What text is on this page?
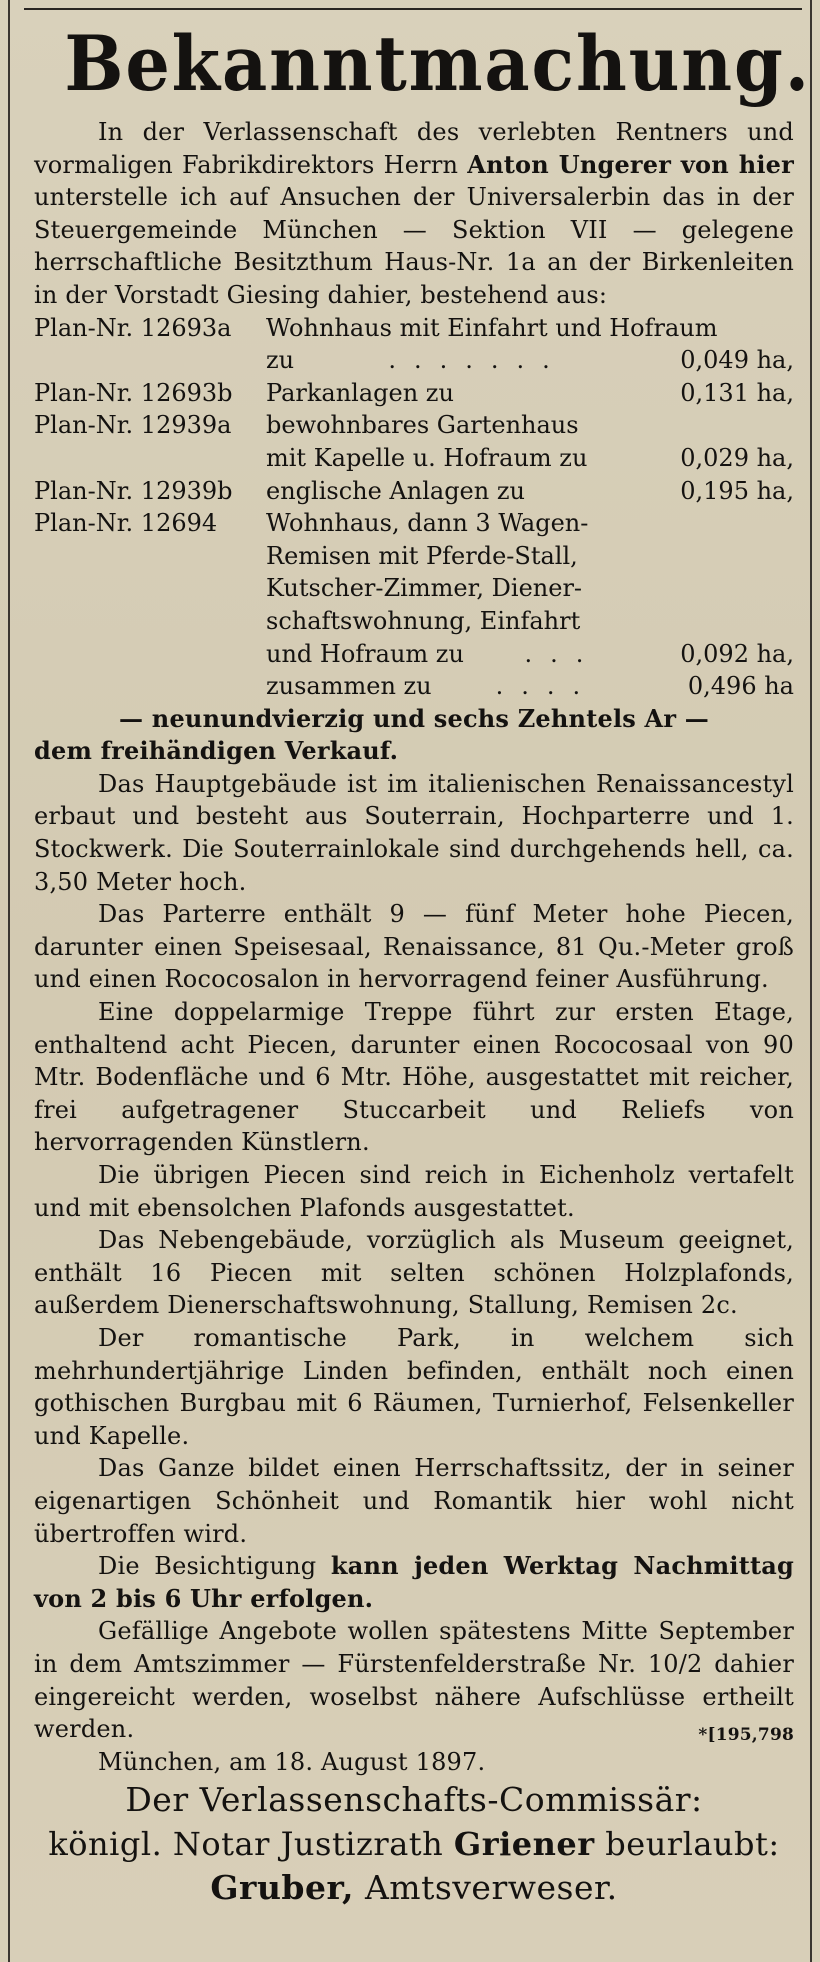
Bekanntmachung.

In der Verlassenschaft des verlebten Rentners und vormaligen Fabrikdirektors Herrn Anton Ungerer von hier unterstelle ich auf Ansuchen der Universalerbin das in der Steuergemeinde München — Sektion VII — gelegene herrschaftliche Besitzthum Haus-Nr. 1a an der Birkenleiten in der Vorstadt Giesing dahier, bestehend aus:

Plan-Nr. 12693a	Wohnhaus mit Einfahrt und Hofraum
zu	.......	0,049 ha,
Plan-Nr. 12693b	Parkanlagen zu	0,131 ha,
Plan-Nr. 12939a	bewohnbares Gartenhaus
mit Kapelle u. Hofraum zu	0,029 ha,
Plan-Nr. 12939b	englische Anlagen zu	0,195 ha,
Plan-Nr. 12694	Wohnhaus, dann 3 Wagen-
Remisen mit Pferde-Stall,
Kutscher-Zimmer, Diener-
schaftswohnung, Einfahrt
und Hofraum zu	...	0,092 ha,
zusammen zu	....	0,496 ha

— neunundvierzig und sechs Zehntels Ar —

dem freihändigen Verkauf.

Das Hauptgebäude ist im italienischen Renaissancestyl erbaut und besteht aus Souterrain, Hochparterre und 1. Stockwerk. Die Souterrainlokale sind durchgehends hell, ca. 3,50 Meter hoch.

Das Parterre enthält 9 — fünf Meter hohe Piecen, darunter einen Speisesaal, Renaissance, 81 Qu.-Meter groß und einen Rococosalon in hervorragend feiner Ausführung.

Eine doppelarmige Treppe führt zur ersten Etage, enthaltend acht Piecen, darunter einen Rococosaal von 90 Mtr. Bodenfläche und 6 Mtr. Höhe, ausgestattet mit reicher, frei aufgetragener Stuccarbeit und Reliefs von hervorragenden Künstlern.

Die übrigen Piecen sind reich in Eichenholz vertafelt und mit ebensolchen Plafonds ausgestattet.

Das Nebengebäude, vorzüglich als Museum geeignet, enthält 16 Piecen mit selten schönen Holzplafonds, außerdem Dienerschaftswohnung, Stallung, Remisen 2c.

Der romantische Park, in welchem sich mehrhundertjährige Linden befinden, enthält noch einen gothischen Burgbau mit 6 Räumen, Turnierhof, Felsenkeller und Kapelle.

Das Ganze bildet einen Herrschaftssitz, der in seiner eigenartigen Schönheit und Romantik hier wohl nicht übertroffen wird.

Die Besichtigung kann jeden Werktag Nachmittag von 2 bis 6 Uhr erfolgen.

Gefällige Angebote wollen spätestens Mitte September in dem Amtszimmer — Fürstenfelderstraße Nr. 10/2 dahier eingereicht werden, woselbst nähere Aufschlüsse ertheilt werden.	*[195,798

München, am 18. August 1897.

Der Verlassenschafts-Commissär:
königl. Notar Justizrath Griener beurlaubt:
Gruber, Amtsverweser.
